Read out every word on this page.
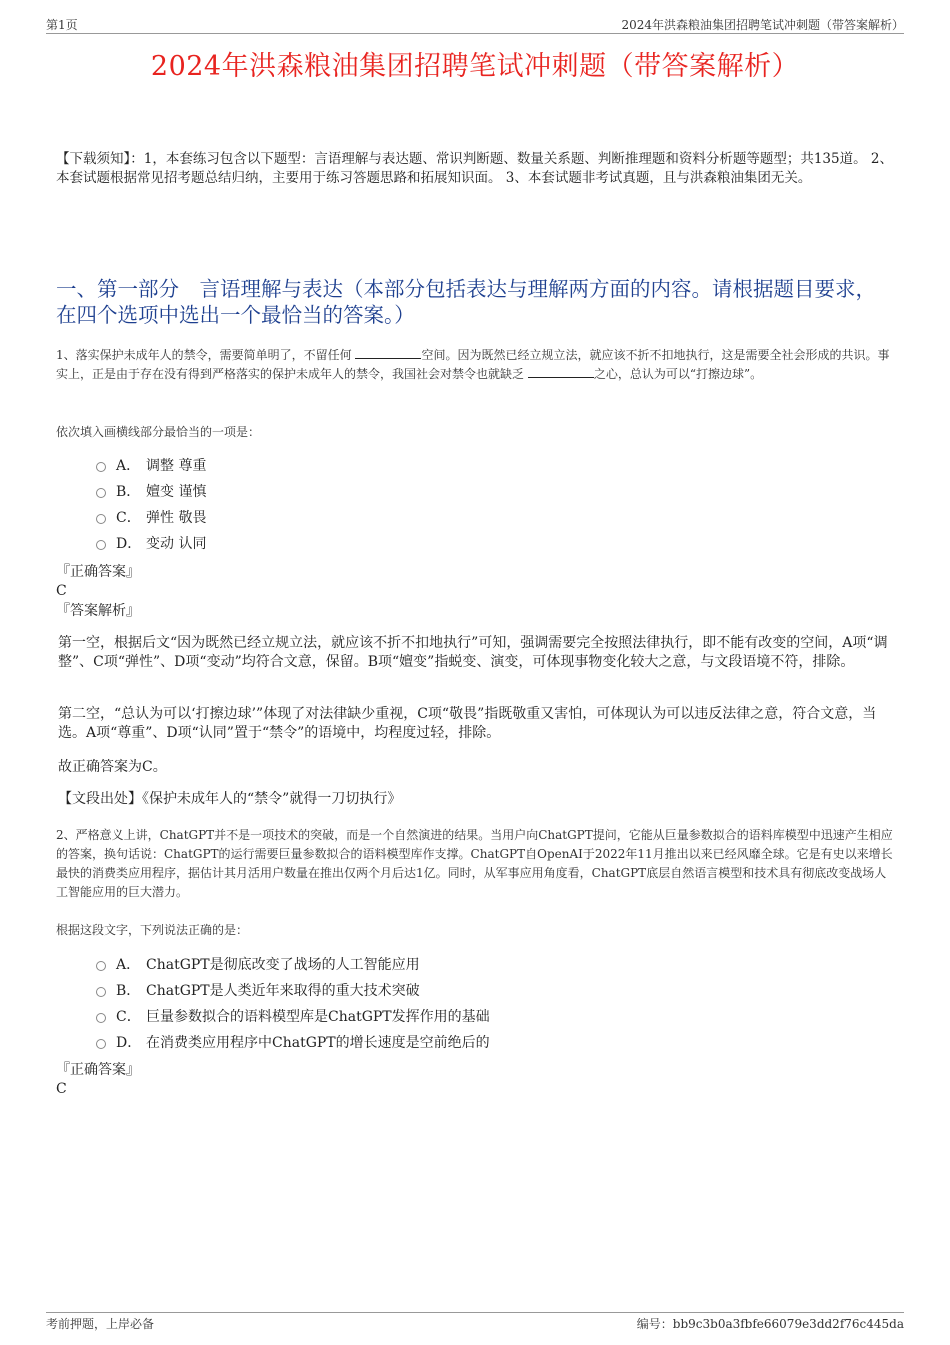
第1页	2024年洪森粮油集团招聘笔试冲刺题（带答案解析）
2024年洪森粮油集团招聘笔试冲刺题（带答案解析）
【下载须知】：1，本套练习包含以下题型：言语理解与表达题、常识判断题、数量关系题、判断推理题和资料分析题等题型；共135道。 2、本套试题根据常见招考题总结归纳，主要用于练习答题思路和拓展知识面。 3、本套试题非考试真题，且与洪森粮油集团无关。
一、第一部分　言语理解与表达（本部分包括表达与理解两方面的内容。请根据题目要求，在四个选项中选出一个最恰当的答案。）
1、落实保护未成年人的禁令，需要简单明了，不留任何	空间。因为既然已经立规立法，就应该不折不扣地执行，这是需要全社会形成的共识。事实上，正是由于存在没有得到严格落实的保护未成年人的禁令，我国社会对禁令也就缺乏	之心，总认为可以“打擦边球”。
依次填入画横线部分最恰当的一项是：
A． 调整 尊重
B． 嬗变 谨慎
C． 弹性 敬畏
D． 变动 认同
『正确答案』
C
『答案解析』
第一空，根据后文“因为既然已经立规立法，就应该不折不扣地执行”可知，强调需要完全按照法律执行，即不能有改变的空间，A项“调整”、C项“弹性”、D项“变动”均符合文意，保留。B项“嬗变”指蜕变、演变，可体现事物变化较大之意，与文段语境不符，排除。
第二空，“总认为可以‘打擦边球’”体现了对法律缺少重视，C项“敬畏”指既敬重又害怕，可体现认为可以违反法律之意，符合文意，当选。A项“尊重”、D项“认同”置于“禁令”的语境中，均程度过轻，排除。
故正确答案为C。
【文段出处】《保护未成年人的“禁令”就得一刀切执行》
2、严格意义上讲，ChatGPT并不是一项技术的突破，而是一个自然演进的结果。当用户向ChatGPT提问，它能从巨量参数拟合的语料库模型中迅速产生相应的答案，换句话说：ChatGPT的运行需要巨量参数拟合的语料模型库作支撑。ChatGPT自OpenAI于2022年11月推出以来已经风靡全球。它是有史以来增长最快的消费类应用程序，据估计其月活用户数量在推出仅两个月后达1亿。同时，从军事应用角度看，ChatGPT底层自然语言模型和技术具有彻底改变战场人工智能应用的巨大潜力。
根据这段文字，下列说法正确的是：
A． ChatGPT是彻底改变了战场的人工智能应用
B． ChatGPT是人类近年来取得的重大技术突破
C． 巨量参数拟合的语料模型库是ChatGPT发挥作用的基础
D． 在消费类应用程序中ChatGPT的增长速度是空前绝后的
『正确答案』
C
考前押题，上岸必备	编号：bb9c3b0a3fbfe66079e3dd2f76c445da
